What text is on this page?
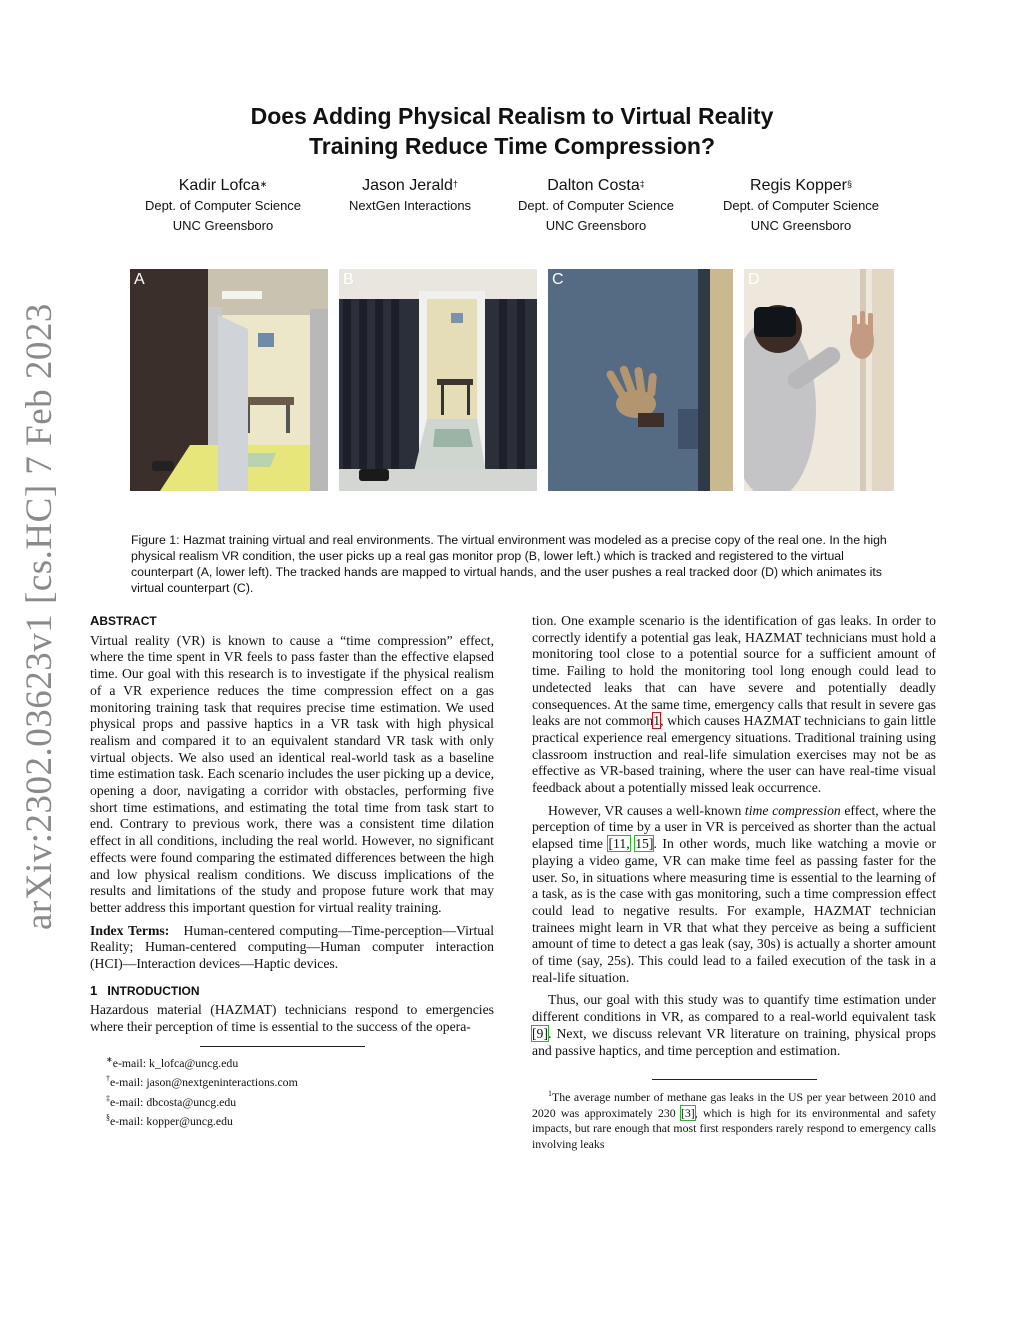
arXiv:2302.03623v1 [cs.HC] 7 Feb 2023
Does Adding Physical Realism to Virtual Reality
Training Reduce Time Compression?
Kadir Lofca∗
Dept. of Computer Science
UNC Greensboro
Jason Jerald†
NextGen Interactions
Dalton Costa‡
Dept. of Computer Science
UNC Greensboro
Regis Kopper§
Dept. of Computer Science
UNC Greensboro
A	B	C	D
Figure 1: Hazmat training virtual and real environments. The virtual environment was modeled as a precise copy of the real one. In the high physical realism VR condition, the user picks up a real gas monitor prop (B, lower left.) which is tracked and registered to the virtual counterpart (A, lower left). The tracked hands are mapped to virtual hands, and the user pushes a real tracked door (D) which animates its virtual counterpart (C).
ABSTRACT

Virtual reality (VR) is known to cause a “time compression” effect, where the time spent in VR feels to pass faster than the effective elapsed time. Our goal with this research is to investigate if the physical realism of a VR experience reduces the time compression effect on a gas monitoring training task that requires precise time estimation. We used physical props and passive haptics in a VR task with high physical realism and compared it to an equivalent standard VR task with only virtual objects. We also used an identical real-world task as a baseline time estimation task. Each scenario includes the user picking up a device, opening a door, navigating a corridor with obstacles, performing five short time estimations, and estimating the total time from task start to end. Contrary to previous work, there was a consistent time dilation effect in all conditions, including the real world. However, no significant effects were found comparing the estimated differences between the high and low physical realism conditions. We discuss implications of the results and limitations of the study and propose future work that may better address this important question for virtual reality training.

Index Terms: Human-centered computing—Time-perception—Virtual Reality; Human-centered computing—Human computer interaction (HCI)—Interaction devices—Haptic devices.

1 INTRODUCTION

Hazardous material (HAZMAT) technicians respond to emergencies where their perception of time is essential to the success of the opera-

∗e-mail: k_lofca@uncg.edu
†e-mail: jason@nextgeninteractions.com
‡e-mail: dbcosta@uncg.edu
§e-mail: kopper@uncg.edu

tion. One example scenario is the identification of gas leaks. In order to correctly identify a potential gas leak, HAZMAT technicians must hold a monitoring tool close to a potential source for a sufficient amount of time. Failing to hold the monitoring tool long enough could lead to undetected leaks that can have severe and potentially deadly consequences. At the same time, emergency calls that result in severe gas leaks are not common1, which causes HAZMAT technicians to gain little practical experience real emergency situations. Traditional training using classroom instruction and real-life simulation exercises may not be as effective as VR-based training, where the user can have real-time visual feedback about a potentially missed leak occurrence.

However, VR causes a well-known time compression effect, where the perception of time by a user in VR is perceived as shorter than the actual elapsed time [11, 15]. In other words, much like watching a movie or playing a video game, VR can make time feel as passing faster for the user. So, in situations where measuring time is essential to the learning of a task, as is the case with gas monitoring, such a time compression effect could lead to negative results. For example, HAZMAT technician trainees might learn in VR that what they perceive as being a sufficient amount of time to detect a gas leak (say, 30s) is actually a shorter amount of time (say, 25s). This could lead to a failed execution of the task in a real-life situation.

Thus, our goal with this study was to quantify time estimation under different conditions in VR, as compared to a real-world equivalent task [9]. Next, we discuss relevant VR literature on training, physical props and passive haptics, and time perception and estimation.

$^1$The average number of methane gas leaks in the US per year between 2010 and 2020 was approximately 230 [3], which is high for its environmental and safety impacts, but rare enough that most first responders rarely respond to emergency calls involving leaks
